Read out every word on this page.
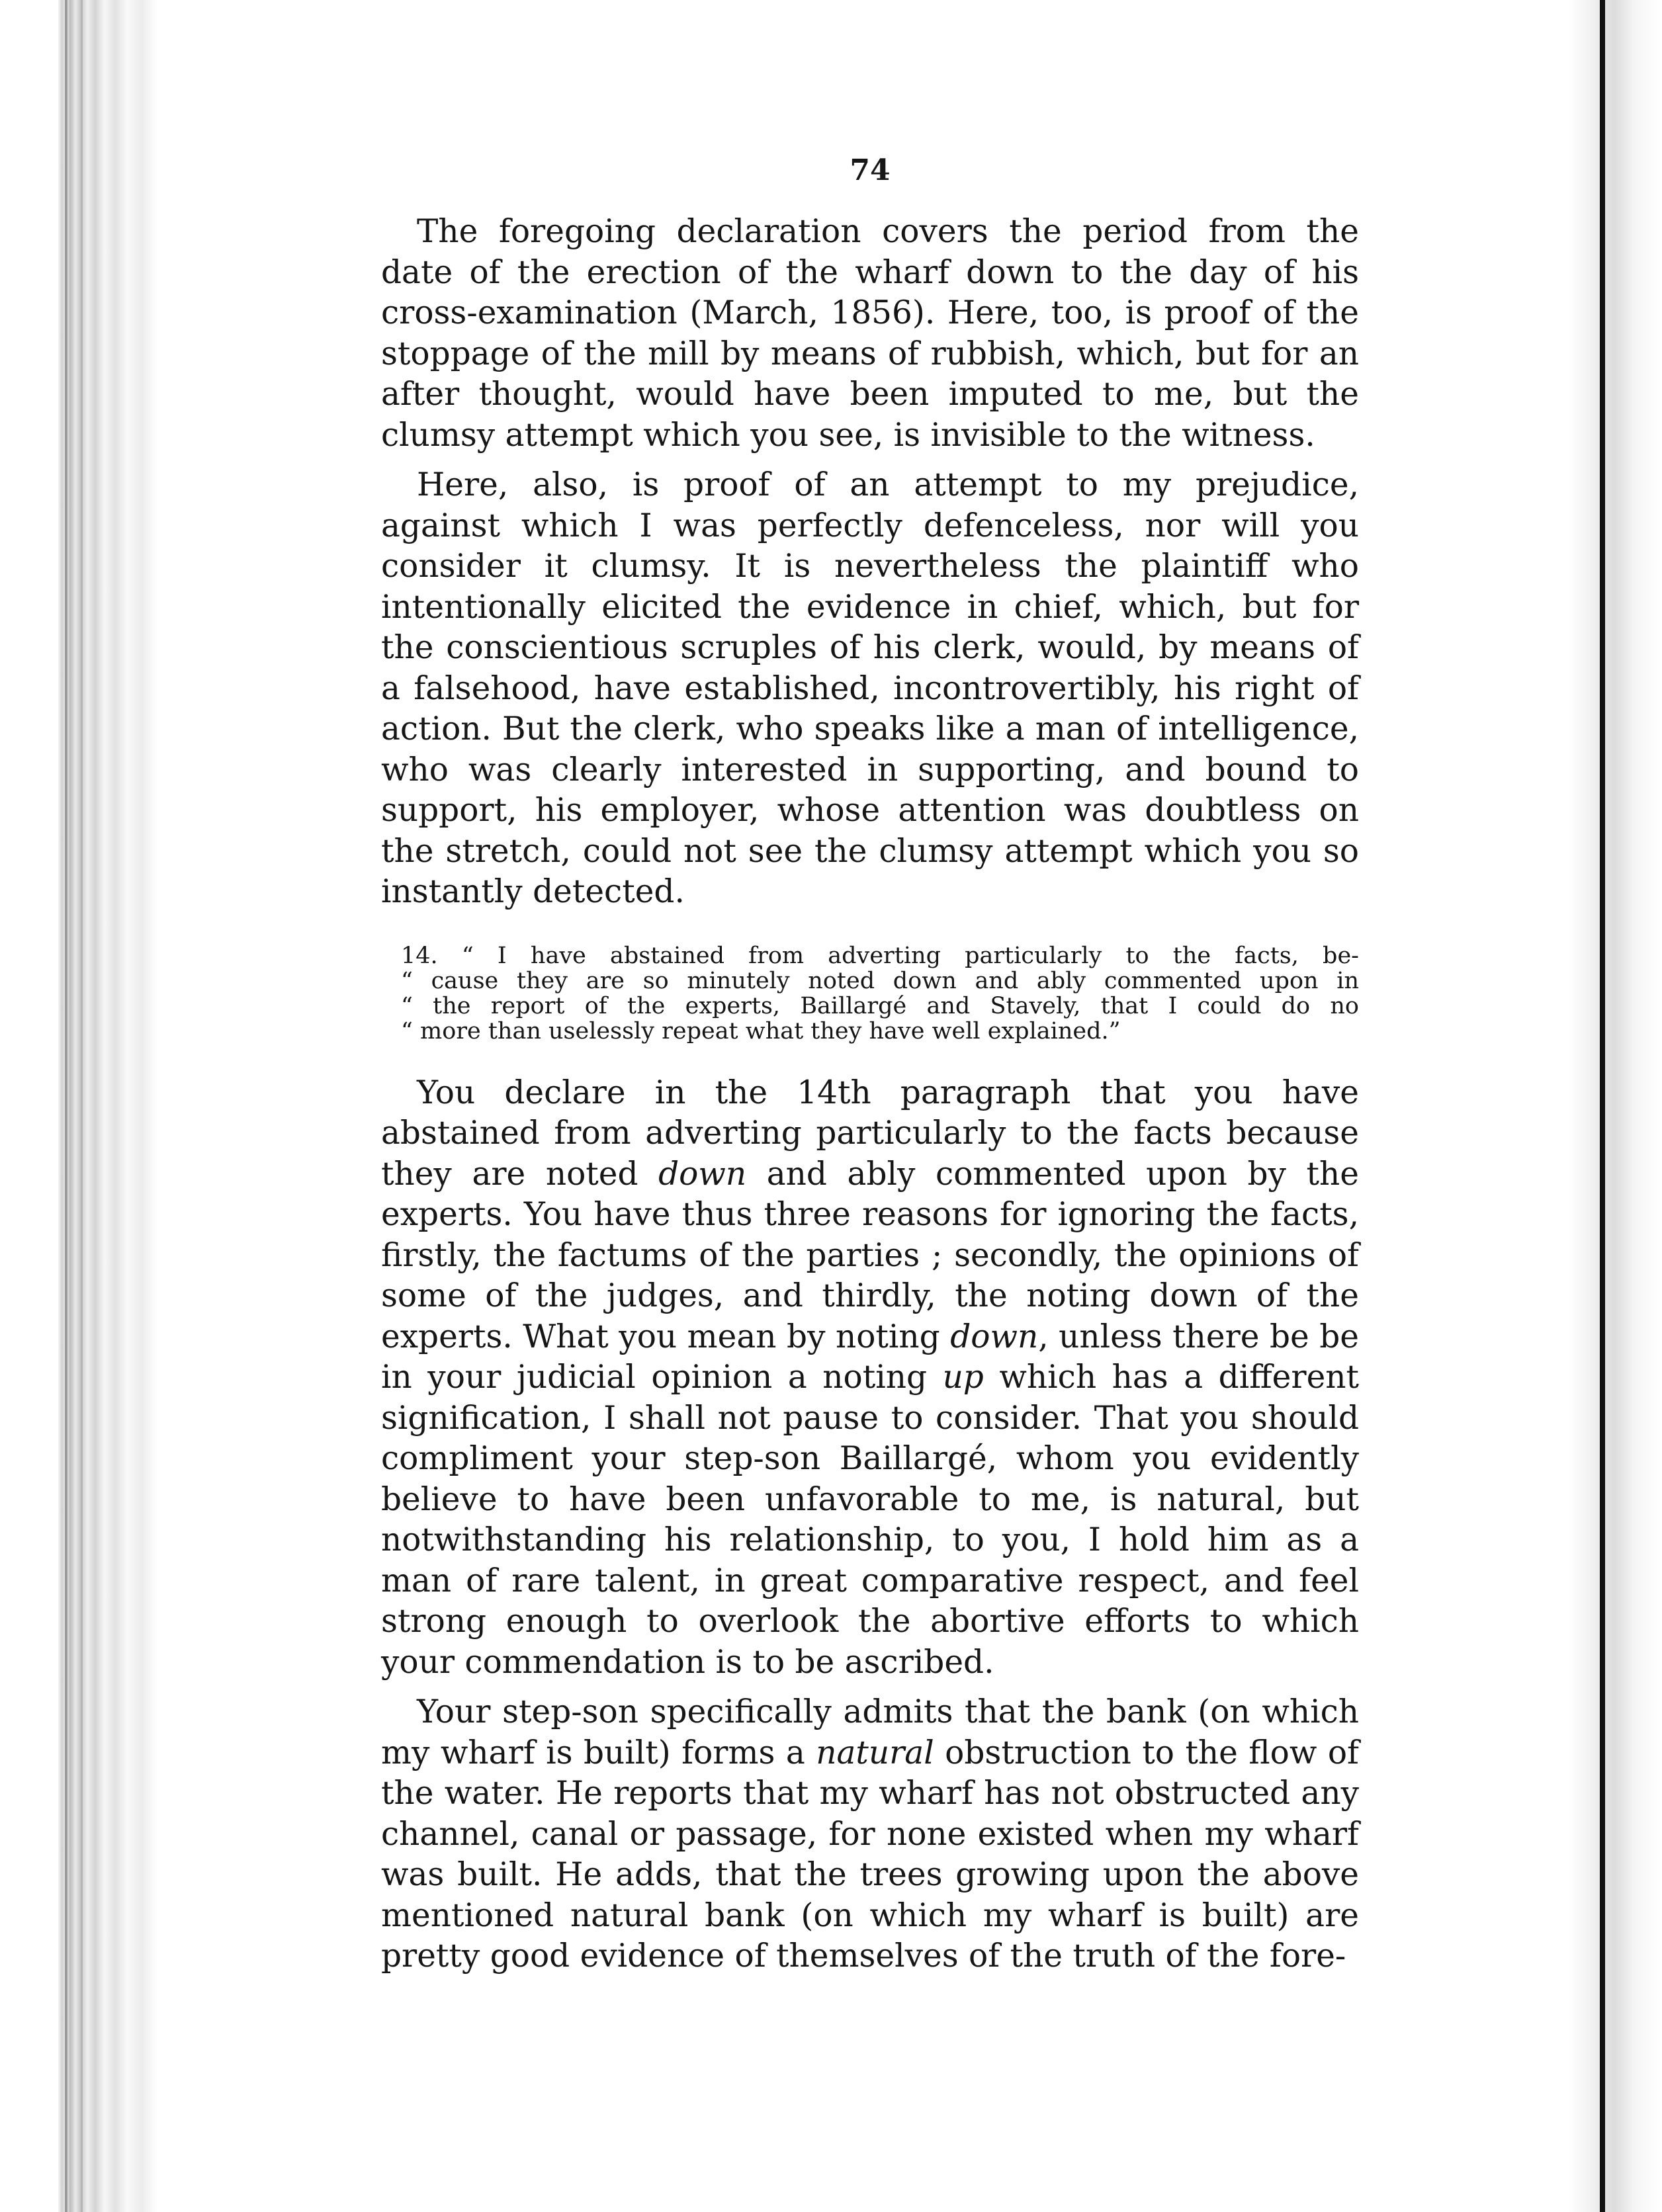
74

The foregoing declaration covers the period from the date of the erection of the wharf down to the day of his cross-examination (March, 1856). Here, too, is proof of the stoppage of the mill by means of rubbish, which, but for an after thought, would have been imputed to me, but the clumsy attempt which you see, is invisible to the witness.

Here, also, is proof of an attempt to my prejudice, against which I was perfectly defenceless, nor will you consider it clumsy. It is nevertheless the plaintiff who intentionally elicited the evidence in chief, which, but for the conscientious scruples of his clerk, would, by means of a falsehood, have established, incontrovertibly, his right of action. But the clerk, who speaks like a man of intelligence, who was clearly interested in supporting, and bound to support, his employer, whose attention was doubtless on the stretch, could not see the clumsy attempt which you so instantly detected.

14. “ I have abstained from adverting particularly to the facts, be-
“ cause they are so minutely noted down and ably commented upon in
“ the report of the experts, Baillargé and Stavely, that I could do no
“ more than uselessly repeat what they have well explained.”

You declare in the 14th paragraph that you have abstained from adverting particularly to the facts because they are noted down and ably commented upon by the experts. You have thus three reasons for ignoring the facts, firstly, the factums of the parties ; secondly, the opinions of some of the judges, and thirdly, the noting down of the experts. What you mean by noting down, unless there be be in your judicial opinion a noting up which has a different signification, I shall not pause to consider. That you should compliment your step-son Baillargé, whom you evidently believe to have been unfavorable to me, is natural, but notwithstanding his relationship, to you, I hold him as a man of rare talent, in great comparative respect, and feel strong enough to overlook the abortive efforts to which your commendation is to be ascribed.

Your step-son specifically admits that the bank (on which my wharf is built) forms a natural obstruction to the flow of the water. He reports that my wharf has not obstructed any channel, canal or passage, for none existed when my wharf was built. He adds, that the trees growing upon the above mentioned natural bank (on which my wharf is built) are pretty good evidence of themselves of the truth of the fore-
